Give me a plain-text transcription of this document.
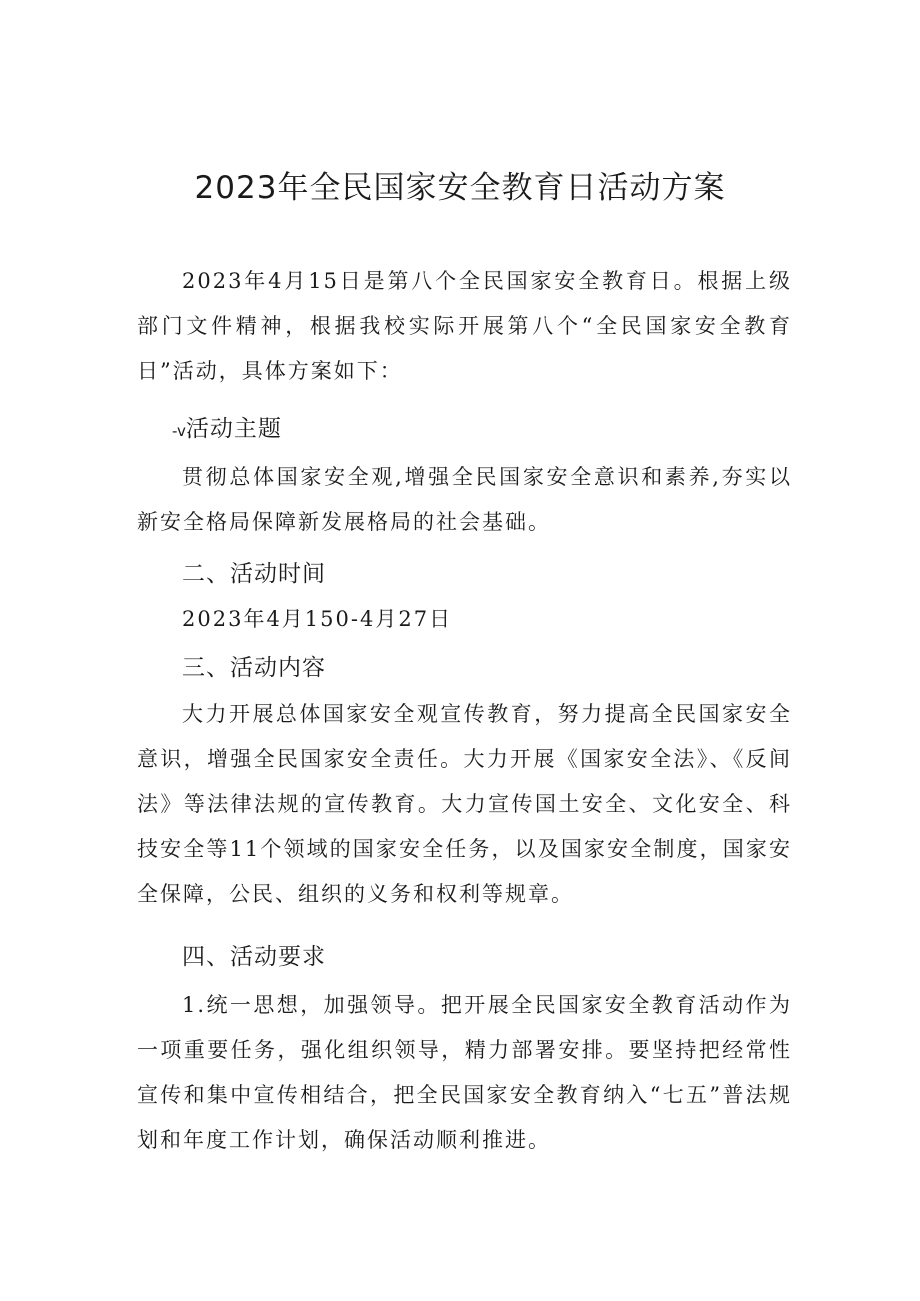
2023年全民国家安全教育日活动方案

2023年4月15日是第八个全民国家安全教育日。根据上级部门文件精神，根据我校实际开展第八个“全民国家安全教育日”活动，具体方案如下：

-v活动主题

贯彻总体国家安全观,增强全民国家安全意识和素养,夯实以新安全格局保障新发展格局的社会基础。

二、活动时间

2023年4月150-4月27日

三、活动内容

大力开展总体国家安全观宣传教育，努力提高全民国家安全意识，增强全民国家安全责任。大力开展《国家安全法》、《反间法》等法律法规的宣传教育。大力宣传国土安全、文化安全、科技安全等11个领域的国家安全任务，以及国家安全制度，国家安全保障，公民、组织的义务和权利等规章。

四、活动要求

1.统一思想，加强领导。把开展全民国家安全教育活动作为一项重要任务，强化组织领导，精力部署安排。要坚持把经常性宣传和集中宣传相结合，把全民国家安全教育纳入“七五”普法规划和年度工作计划，确保活动顺利推进。
